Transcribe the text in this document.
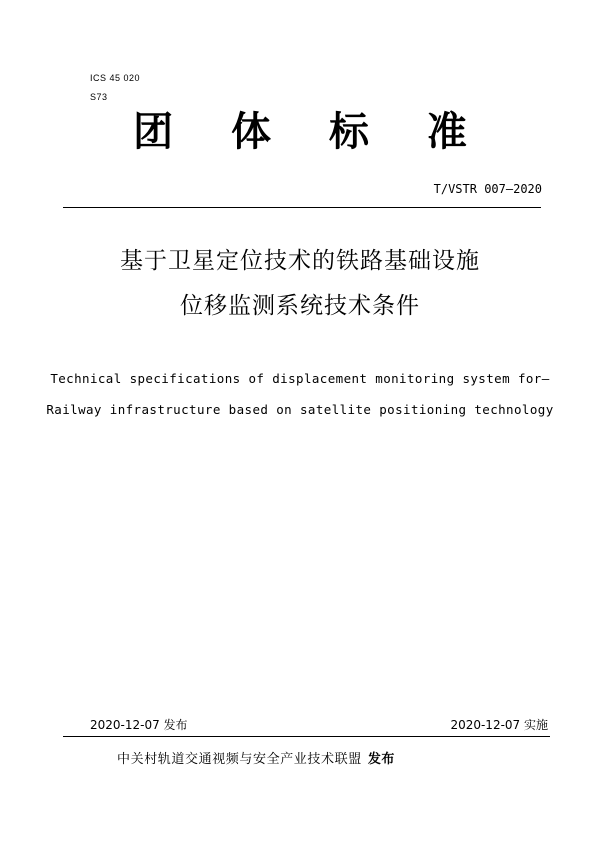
ICS 45 020
S73
团 体 标 准
T/VSTR 007—2020
基于卫星定位技术的铁路基础设施
位移监测系统技术条件
Technical specifications of displacement monitoring system for—
Railway infrastructure based on satellite positioning technology
2020-12-07 发布	2020-12-07 实施
中关村轨道交通视频与安全产业技术联盟 发布
